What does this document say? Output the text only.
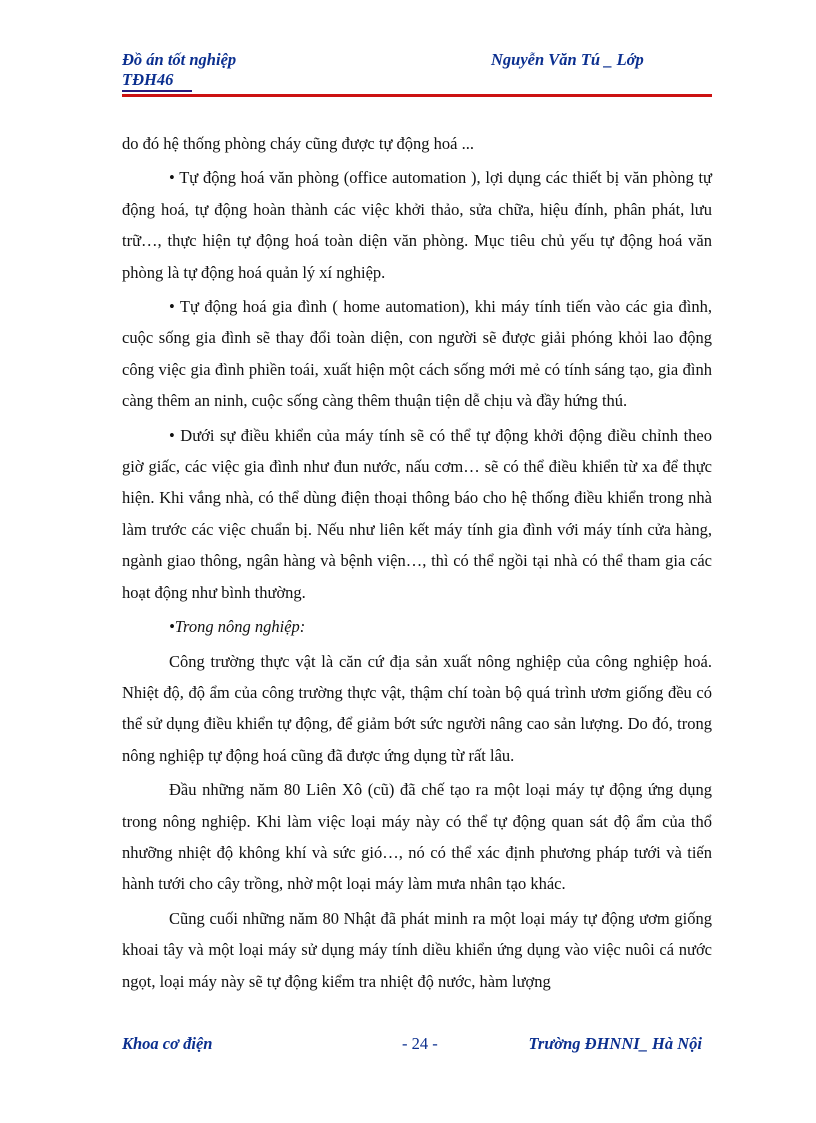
Đồ án tốt nghiệp
TĐH46
Nguyễn Văn Tú _ Lớp

do đó hệ thống phòng cháy cũng được tự động hoá ...

• Tự động hoá văn phòng (office automation ), lợi dụng các thiết bị văn phòng tự động hoá, tự động hoàn thành các việc khởi thảo, sửa chữa, hiệu đính, phân phát, lưu trữ…, thực hiện tự động hoá toàn diện văn phòng. Mục tiêu chủ yếu tự động hoá văn phòng là tự động hoá quản lý xí nghiệp.

• Tự động hoá gia đình ( home automation), khi máy tính tiến vào các gia đình, cuộc sống gia đình sẽ thay đổi toàn diện, con người sẽ được giải phóng khỏi lao động công việc gia đình phiền toái, xuất hiện một cách sống mới mẻ có tính sáng tạo, gia đình càng thêm an ninh, cuộc sống càng thêm thuận tiện dễ chịu và đầy hứng thú.

• Dưới sự điều khiển của máy tính sẽ có thể tự động khởi động điều chỉnh theo giờ giấc, các việc gia đình như đun nước, nấu cơm… sẽ có thể điều khiển từ xa để thực hiện. Khi vắng nhà, có thể dùng điện thoại thông báo cho hệ thống điều khiển trong nhà làm trước các việc chuẩn bị. Nếu như liên kết máy tính gia đình với máy tính cửa hàng, ngành giao thông, ngân hàng và bệnh viện…, thì có thể ngồi tại nhà có thể tham gia các hoạt động như bình thường.

•Trong nông nghiệp:

Công trường thực vật là căn cứ địa sản xuất nông nghiệp của công nghiệp hoá. Nhiệt độ, độ ẩm của công trường thực vật, thậm chí toàn bộ quá trình ươm giống đều có thể sử dụng điều khiển tự động, để giảm bớt sức người nâng cao sản lượng. Do đó, trong nông nghiệp tự động hoá cũng đã được ứng dụng từ rất lâu.

Đầu những năm 80 Liên Xô (cũ) đã chế tạo ra một loại máy tự động ứng dụng trong nông nghiệp. Khi làm việc loại máy này có thể tự động quan sát độ ẩm của thổ nhưỡng nhiệt độ không khí và sức gió…, nó có thể xác định phương pháp tưới và tiến hành tưới cho cây trồng, nhờ một loại máy làm mưa nhân tạo khác.

Cũng cuối những năm 80 Nhật đã phát minh ra một loại máy tự động ươm giống khoai tây và một loại máy sử dụng máy tính diều khiển ứng dụng vào việc nuôi cá nước ngọt, loại máy này sẽ tự động kiểm tra nhiệt độ nước, hàm lượng

Khoa cơ điện	- 24 -	Trường ĐHNNI_ Hà Nội
